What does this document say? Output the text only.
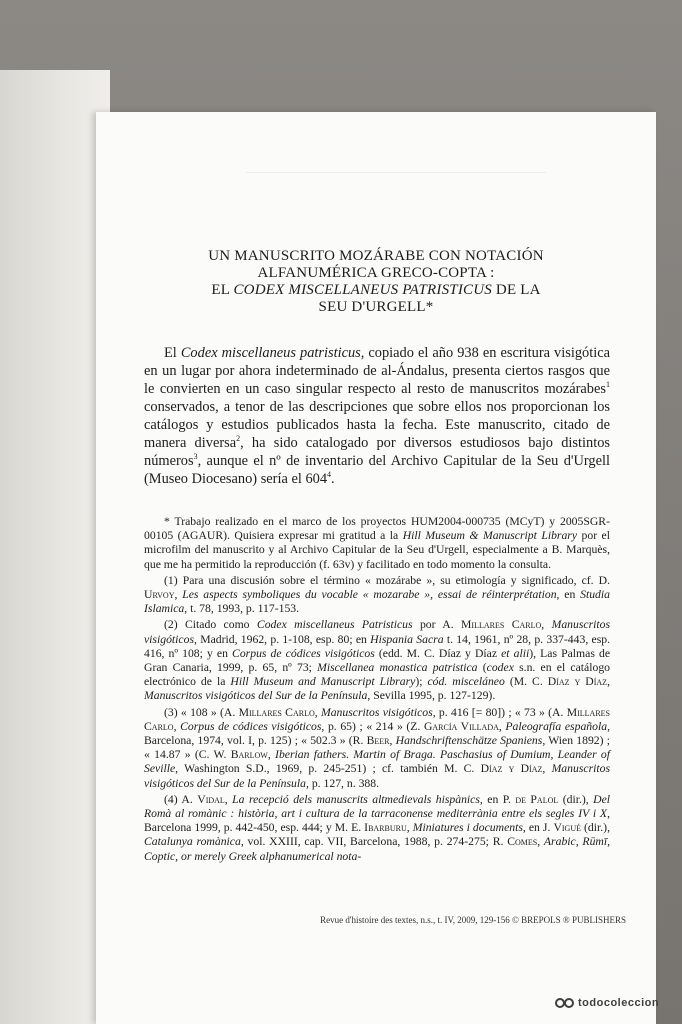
UN MANUSCRITO MOZÁRABE CON NOTACIÓN
ALFANUMÉRICA GRECO-COPTA :
EL CODEX MISCELLANEUS PATRISTICUS DE LA
SEU D'URGELL*

El Codex miscellaneus patristicus, copiado el año 938 en escritura visigótica en un lugar por ahora indeterminado de al-Ándalus, presenta ciertos rasgos que le convierten en un caso singular respecto al resto de manuscritos mozárabes$^1$ conservados, a tenor de las descripciones que sobre ellos nos proporcionan los catálogos y estudios publicados hasta la fecha. Este manuscrito, citado de manera diversa$^2$, ha sido catalogado por diversos estudiosos bajo distintos números$^3$, aunque el nº de inventario del Archivo Capitular de la Seu d'Urgell (Museo Diocesano) sería el $604^4$.

* Trabajo realizado en el marco de los proyectos HUM2004-000735 (MCyT) y 2005SGR-00105 (AGAUR). Quisiera expresar mi gratitud a la Hill Museum & Manuscript Library por el microfilm del manuscrito y al Archivo Capitular de la Seu d'Urgell, especialmente a B. Marquès, que me ha permitido la reproducción (f. 63v) y facilitado en todo momento la consulta.

(1) Para una discusión sobre el término « mozárabe », su etimología y significado, cf. D. Urvoy, Les aspects symboliques du vocable « mozarabe », essai de réinterprétation, en Studia Islamica, t. 78, 1993, p. 117-153.

(2) Citado como Codex miscellaneus Patristicus por A. Millares Carlo, Manuscritos visigóticos, Madrid, 1962, p. 1-108, esp. 80; en Hispania Sacra t. 14, 1961, nº 28, p. 337-443, esp. 416, nº 108; y en Corpus de códices visigóticos (edd. M. C. Díaz y Díaz et alii), Las Palmas de Gran Canaria, 1999, p. 65, nº 73; Miscellanea monastica patristica (codex s.n. en el catálogo electrónico de la Hill Museum and Manuscript Library); cód. misceláneo (M. C. Díaz y Díaz, Manuscritos visigóticos del Sur de la Península, Sevilla 1995, p. 127-129).

(3) « 108 » (A. Millares Carlo, Manuscritos visigóticos, p. 416 [= 80]) ; « 73 » (A. Millares Carlo, Corpus de códices visigóticos, p. 65) ; « 214 » (Z. García Villada, Paleografía española, Barcelona, 1974, vol. I, p. 125) ; « 502.3 » (R. Beer, Handschriftenschätze Spaniens, Wien 1892) ; « 14.87 » (C. W. Barlow, Iberian fathers. Martin of Braga. Paschasius of Dumium, Leander of Seville, Washington S.D., 1969, p. 245-251) ; cf. también M. C. Díaz y Díaz, Manuscritos visigóticos del Sur de la Península, p. 127, n. 388.

(4) A. Vidal, La recepció dels manuscrits altmedievals hispànics, en P. de Palol (dir.), Del Romà al romànic : història, art i cultura de la tarraconense mediterrània entre els segles IV i X, Barcelona 1999, p. 442-450, esp. 444; y M. E. Ibarburu, Miniatures i documents, en J. Vigué (dir.), Catalunya romànica, vol. XXIII, cap. VII, Barcelona, 1988, p. 274-275; R. Comes, Arabic, Rūmī, Coptic, or merely Greek alphanumerical nota-

Revue d'histoire des textes, n.s., t. IV, 2009, 129-156 © BREPOLS ® PUBLISHERS
todocoleccion
